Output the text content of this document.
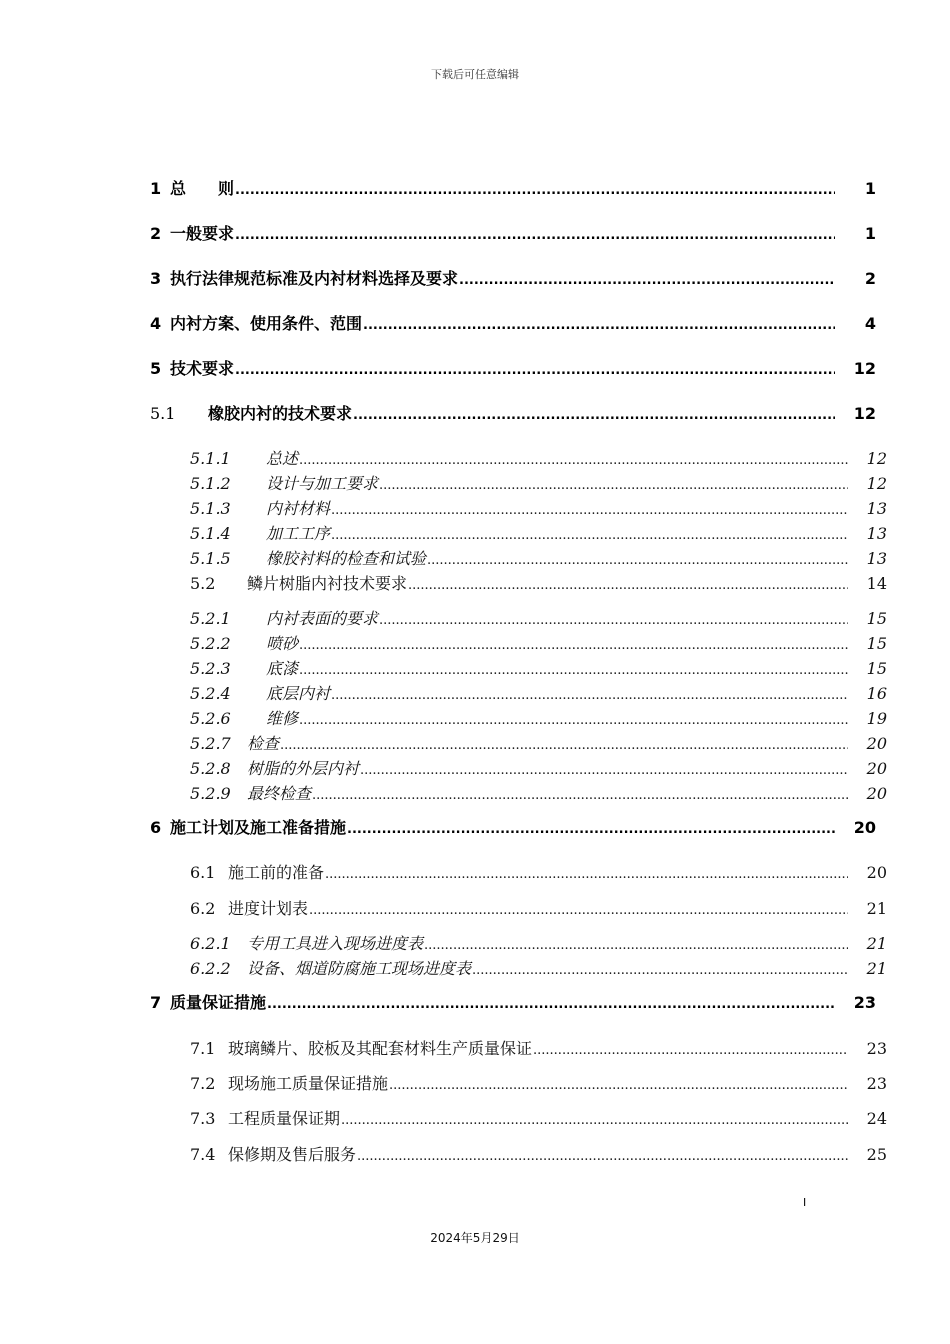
下载后可任意编辑
1 总　　则 .....	1
2 一般要求 .....	1
3 执行法律规范标准及内衬材料选择及要求 .....	2
4 内衬方案、使用条件、范围 .....	4
5 技术要求 .....	12
5.1	橡胶内衬的技术要求 .....	12
5.1.1	总述 .....	12
5.1.2	设计与加工要求 .....	12
5.1.3	内衬材料 .....	13
5.1.4	加工工序 .....	13
5.1.5	橡胶衬料的检查和试验 .....	13
5.2	鳞片树脂内衬技术要求 .....	14
5.2.1	内衬表面的要求 .....	15
5.2.2	喷砂 .....	15
5.2.3	底漆 .....	15
5.2.4	底层内衬 .....	16
5.2.6	维修 .....	19
5.2.7	检查 .....	20
5.2.8	树脂的外层内衬 .....	20
5.2.9	最终检查 .....	20
6 施工计划及施工准备措施 .....	20
6.1 施工前的准备 .....	20
6.2 进度计划表 .....	21
6.2.1	专用工具进入现场进度表 .....	21
6.2.2	设备、烟道防腐施工现场进度表 .....	21
7 质量保证措施 .....	23
7.1 玻璃鳞片、胶板及其配套材料生产质量保证 .....	23
7.2 现场施工质量保证措施 .....	23
7.3 工程质量保证期 .....	24
7.4 保修期及售后服务 .....	25
I
2024年5月29日
